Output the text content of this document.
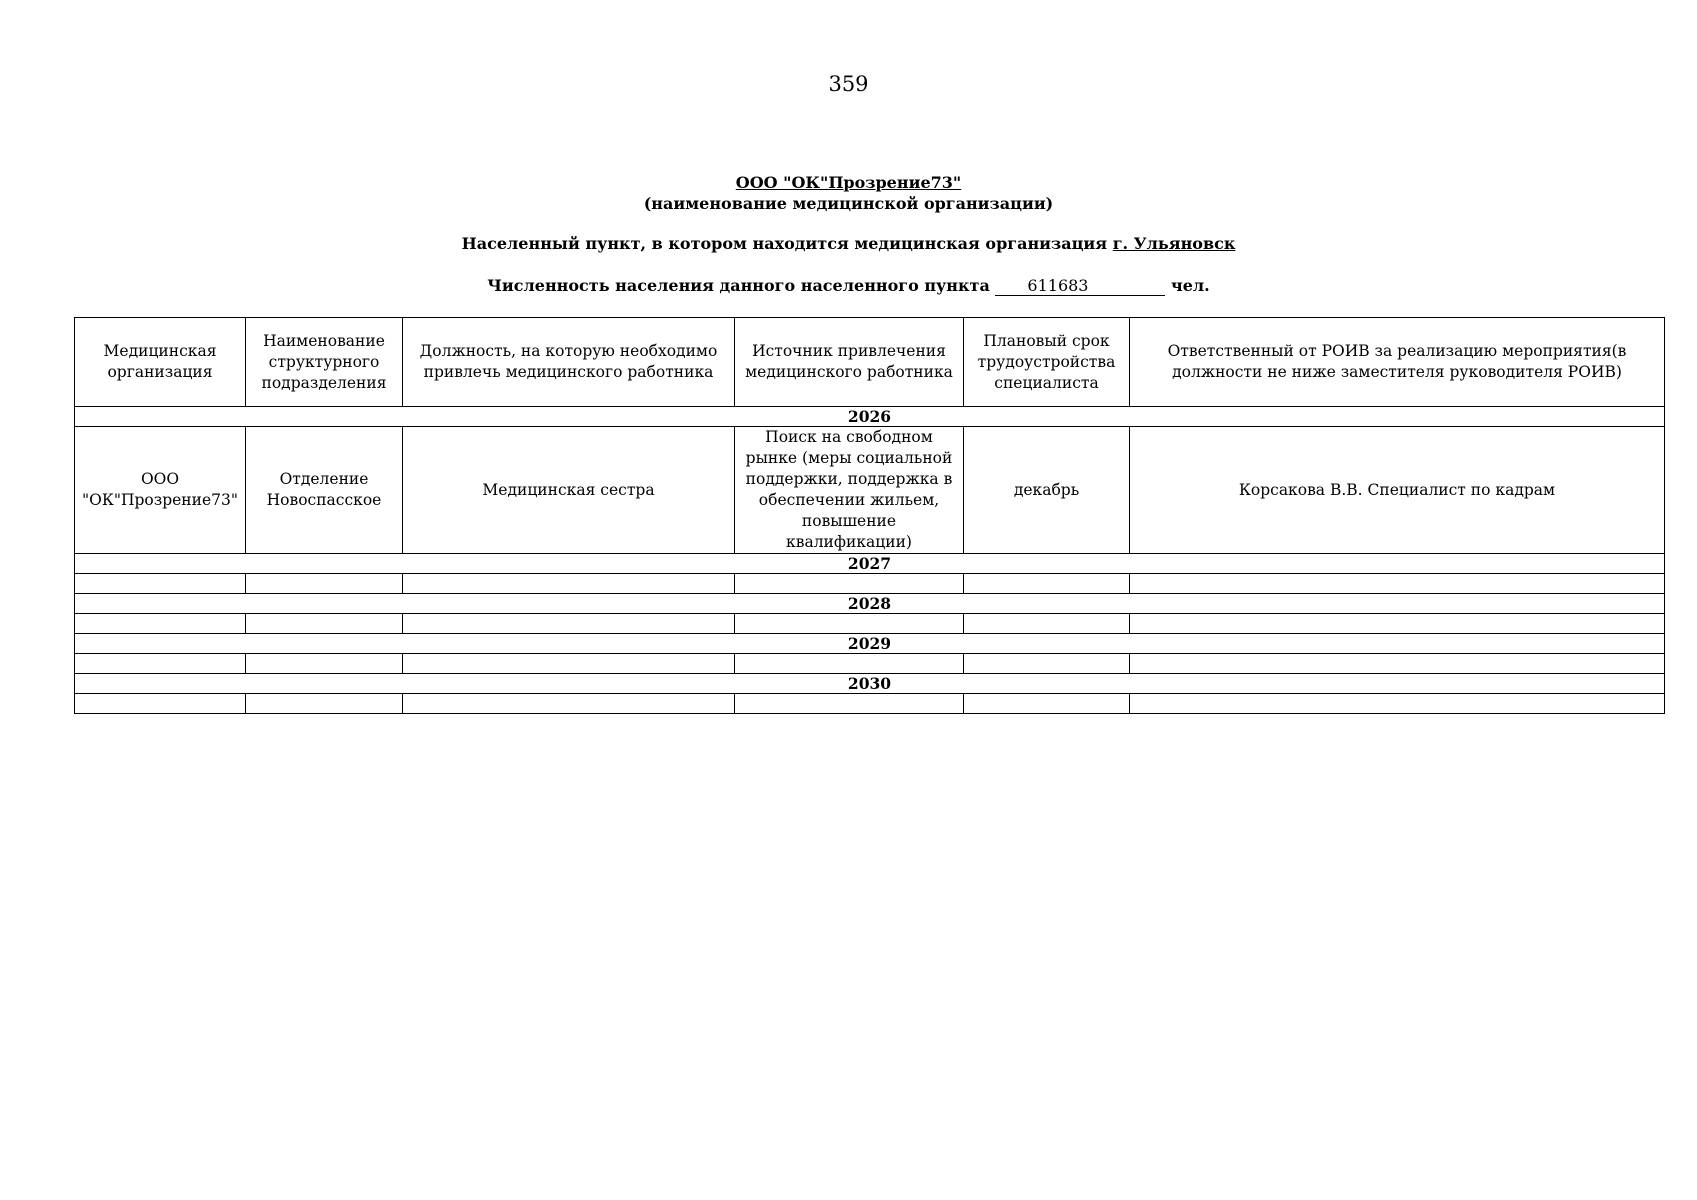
359
ООО "ОК"Прозрение73"
(наименование медицинской организации)
Населенный пункт, в котором находится медицинская организация г. Ульяновск
Численность населения данного населенного пункта 611683	чел.
Медицинская организация	Наименование структурного подразделения	Должность, на которую необходимо привлечь медицинского работника	Источник привлечения медицинского работника	Плановый срок трудоустройства специалиста	Ответственный от РОИВ за реализацию мероприятия(в должности не ниже заместителя руководителя РОИВ)
2026					
ООО "ОК"Прозрение73"	Отделение Новоспасское	Медицинская сестра	Поиск на свободном рынке (меры социальной поддержки, поддержка в обеспечении жильем, повышение квалификации)	декабрь	Корсакова В.В. Специалист по кадрам
2027					

2028					

2029					

2030					
